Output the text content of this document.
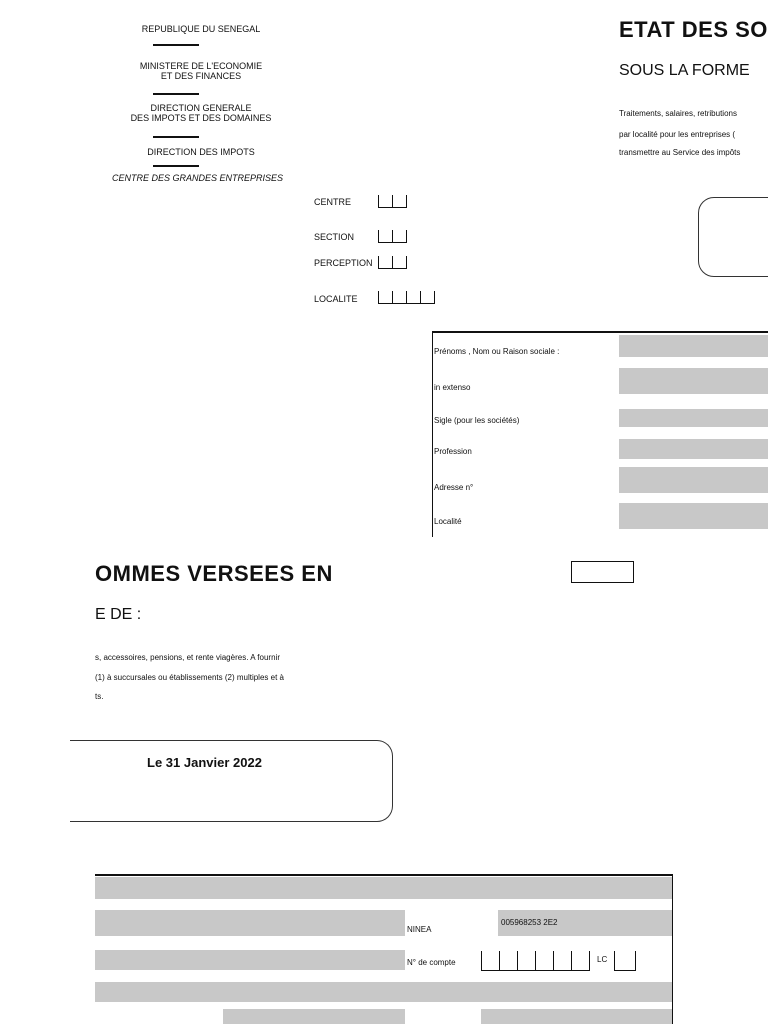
REPUBLIQUE DU SENEGAL
MINISTERE DE L'ECONOMIE
ET DES FINANCES
DIRECTION GENERALE
DES IMPOTS ET DES DOMAINES
DIRECTION DES IMPOTS
CENTRE DES GRANDES ENTREPRISES
CENTRE
SECTION
PERCEPTION
LOCALITE
ETAT DES SO
SOUS LA FORME
Traitements, salaires, retributions
par localité pour les entreprises (
transmettre au Service des impôts
Prénoms , Nom ou Raison sociale :
in extenso
Sigle (pour les sociétés)
Profession
Adresse n°
Localité
OMMES VERSEES EN
E DE :
s, accessoires, pensions, et rente viagères. A fournir
(1) à succursales ou établissements (2) multiples et à
ts.
Le 31 Janvier 2022
NINEA
005968253 2E2
N° de compte	LC
